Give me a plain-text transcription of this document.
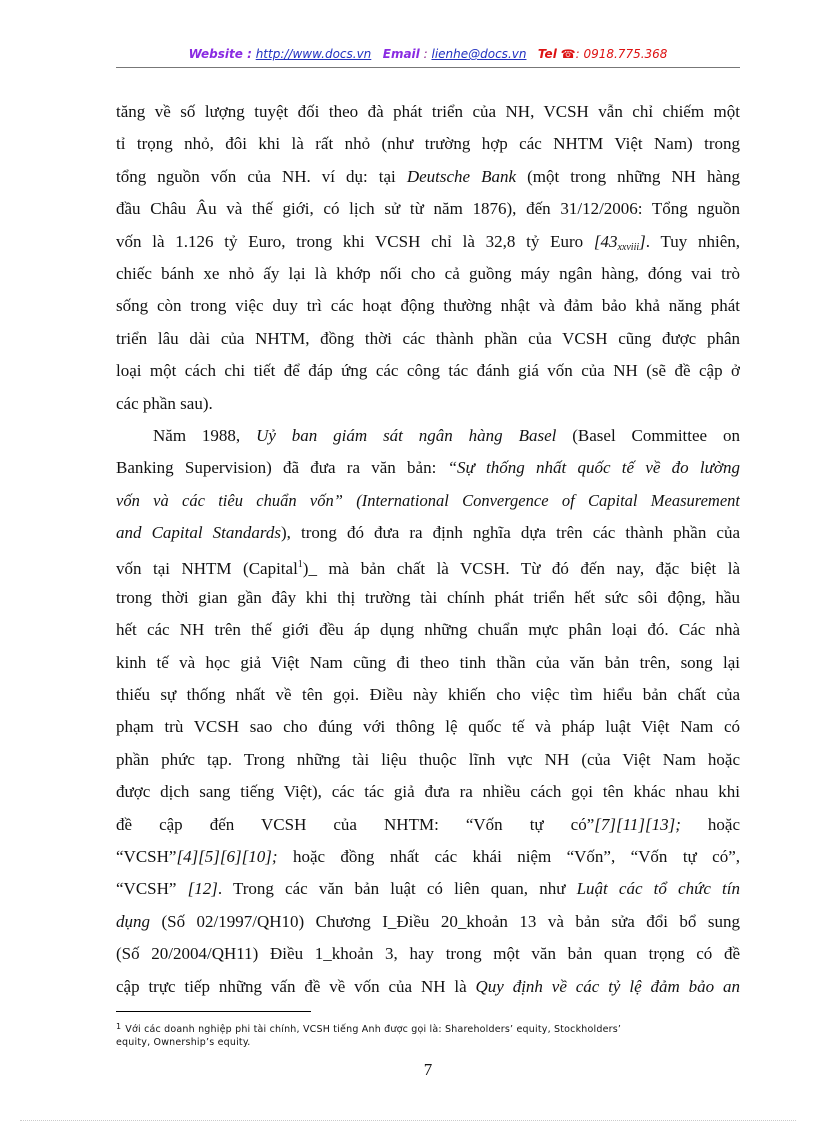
Website : http://www.docs.vn Email : lienhe@docs.vn Tel ☎: 0918.775.368
tăng về số lượng tuyệt đối theo đà phát triển của NH, VCSH vẫn chỉ chiếm một
tỉ trọng nhỏ, đôi khi là rất nhỏ (như trường hợp các NHTM Việt Nam) trong
tổng nguồn vốn của NH. ví dụ: tại Deutsche Bank (một trong những NH hàng
đầu Châu Âu và thế giới, có lịch sử từ năm 1876), đến 31/12/2006: Tổng nguồn
vốn là 1.126 tỷ Euro, trong khi VCSH chỉ là 32,8 tỷ Euro $[43_{xxviii}]$. Tuy nhiên,
chiếc bánh xe nhỏ ấy lại là khớp nối cho cả guồng máy ngân hàng, đóng vai trò
sống còn trong việc duy trì các hoạt động thường nhật và đảm bảo khả năng phát
triển lâu dài của NHTM, đồng thời các thành phần của VCSH cũng được phân
loại một cách chi tiết để đáp ứng các công tác đánh giá vốn của NH (sẽ đề cập ở
các phần sau).
Năm 1988, Uỷ ban giám sát ngân hàng Basel (Basel Committee on
Banking Supervision) đã đưa ra văn bản: “Sự thống nhất quốc tế về đo lường
vốn và các tiêu chuẩn vốn” (International Convergence of Capital Measurement
and Capital Standards), trong đó đưa ra định nghĩa dựa trên các thành phần của
vốn tại NHTM (Capital$^1$)_ mà bản chất là VCSH. Từ đó đến nay, đặc biệt là
trong thời gian gần đây khi thị trường tài chính phát triển hết sức sôi động, hầu
hết các NH trên thế giới đều áp dụng những chuẩn mực phân loại đó. Các nhà
kinh tế và học giả Việt Nam cũng đi theo tinh thần của văn bản trên, song lại
thiếu sự thống nhất về tên gọi. Điều này khiến cho việc tìm hiểu bản chất của
phạm trù VCSH sao cho đúng với thông lệ quốc tế và pháp luật Việt Nam có
phần phức tạp. Trong những tài liệu thuộc lĩnh vực NH (của Việt Nam hoặc
được dịch sang tiếng Việt), các tác giả đưa ra nhiều cách gọi tên khác nhau khi
đề cập đến VCSH của NHTM: “Vốn tự có”[7][11][13]; hoặc
“VCSH”[4][5][6][10]; hoặc đồng nhất các khái niệm “Vốn”, “Vốn tự có”,
“VCSH” [12]. Trong các văn bản luật có liên quan, như Luật các tổ chức tín
dụng (Số 02/1997/QH10) Chương I_Điều 20_khoản 13 và bản sửa đổi bổ sung
(Số 20/2004/QH11) Điều 1_khoản 3, hay trong một văn bản quan trọng có đề
cập trực tiếp những vấn đề về vốn của NH là Quy định về các tỷ lệ đảm bảo an
$^1$ Với các doanh nghiệp phi tài chính, VCSH tiếng Anh được gọi là: Shareholders’ equity, Stockholders’
equity, Ownership’s equity.
7
